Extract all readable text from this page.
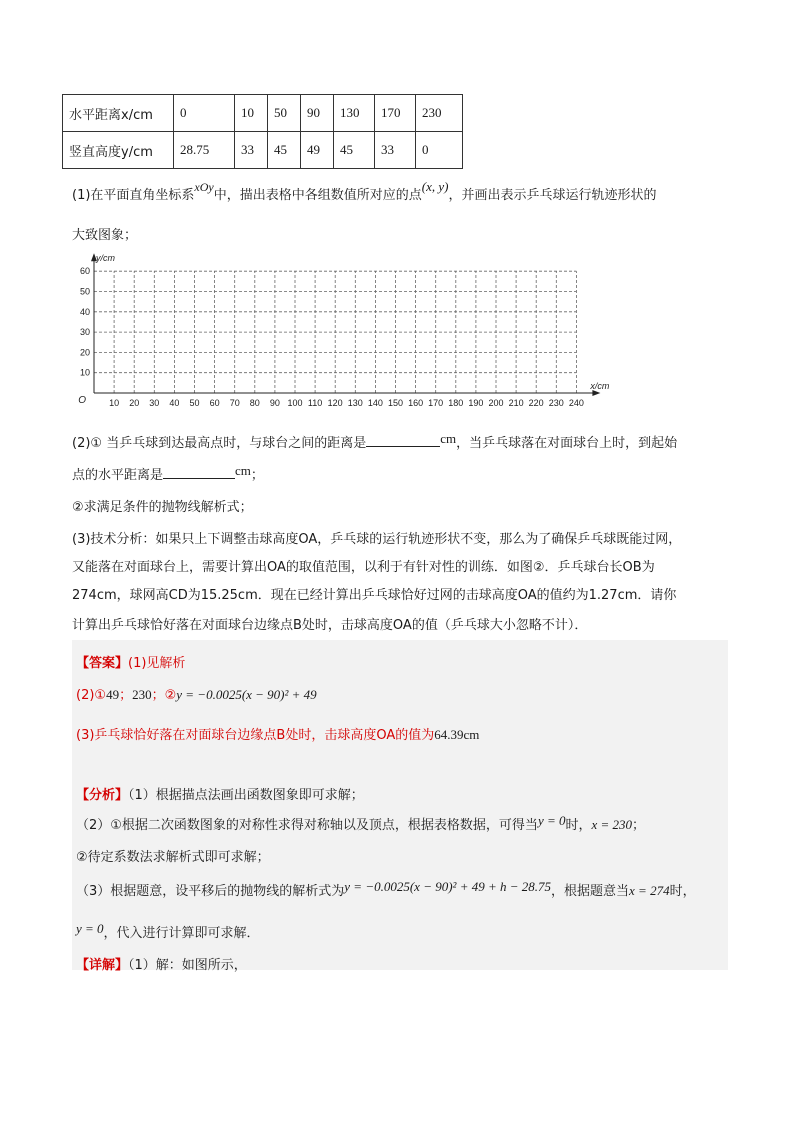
水平距离x/cm	0	10	50	90	130	170	230
竖直高度y/cm	28.75	33	45	49	45	33	0
(1)在平面直角坐标系xOy中，描出表格中各组数值所对应的点(x, y)，并画出表示乒乓球运行轨迹形状的
大致图象；
10 20 30 40 50 60 70 80 90 100 110 120 130 140 150 160 170 180 190 200 210 220 230 240
10
20
30
40
50
60
O
y/cm
x/cm
(2)① 当乒乓球到达最高点时，与球台之间的距离是	cm，当乒乓球落在对面球台上时，到起始
点的水平距离是	cm；
②求满足条件的抛物线解析式；
(3)技术分析：如果只上下调整击球高度OA，乒乓球的运行轨迹形状不变，那么为了确保乒乓球既能过网，
又能落在对面球台上，需要计算出OA的取值范围，以利于有针对性的训练．如图②．乒乓球台长OB为
274cm，球网高CD为15.25cm．现在已经计算出乒乓球恰好过网的击球高度OA的值约为1.27cm．请你
计算出乒乓球恰好落在对面球台边缘点B处时，击球高度OA的值（乒乓球大小忽略不计）．
【答案】(1)见解析
(2)①49；230；②y = −0.0025(x − 90)² + 49
(3)乒乓球恰好落在对面球台边缘点B处时，击球高度OA的值为64.39cm
【分析】（1）根据描点法画出函数图象即可求解；
（2）①根据二次函数图象的对称性求得对称轴以及顶点，根据表格数据，可得当y = 0时，x = 230；
②待定系数法求解析式即可求解；
（3）根据题意，设平移后的抛物线的解析式为y = −0.0025(x − 90)² + 49 + h − 28.75，根据题意当x = 274时，
y = 0，代入进行计算即可求解．
【详解】（1）解：如图所示，
